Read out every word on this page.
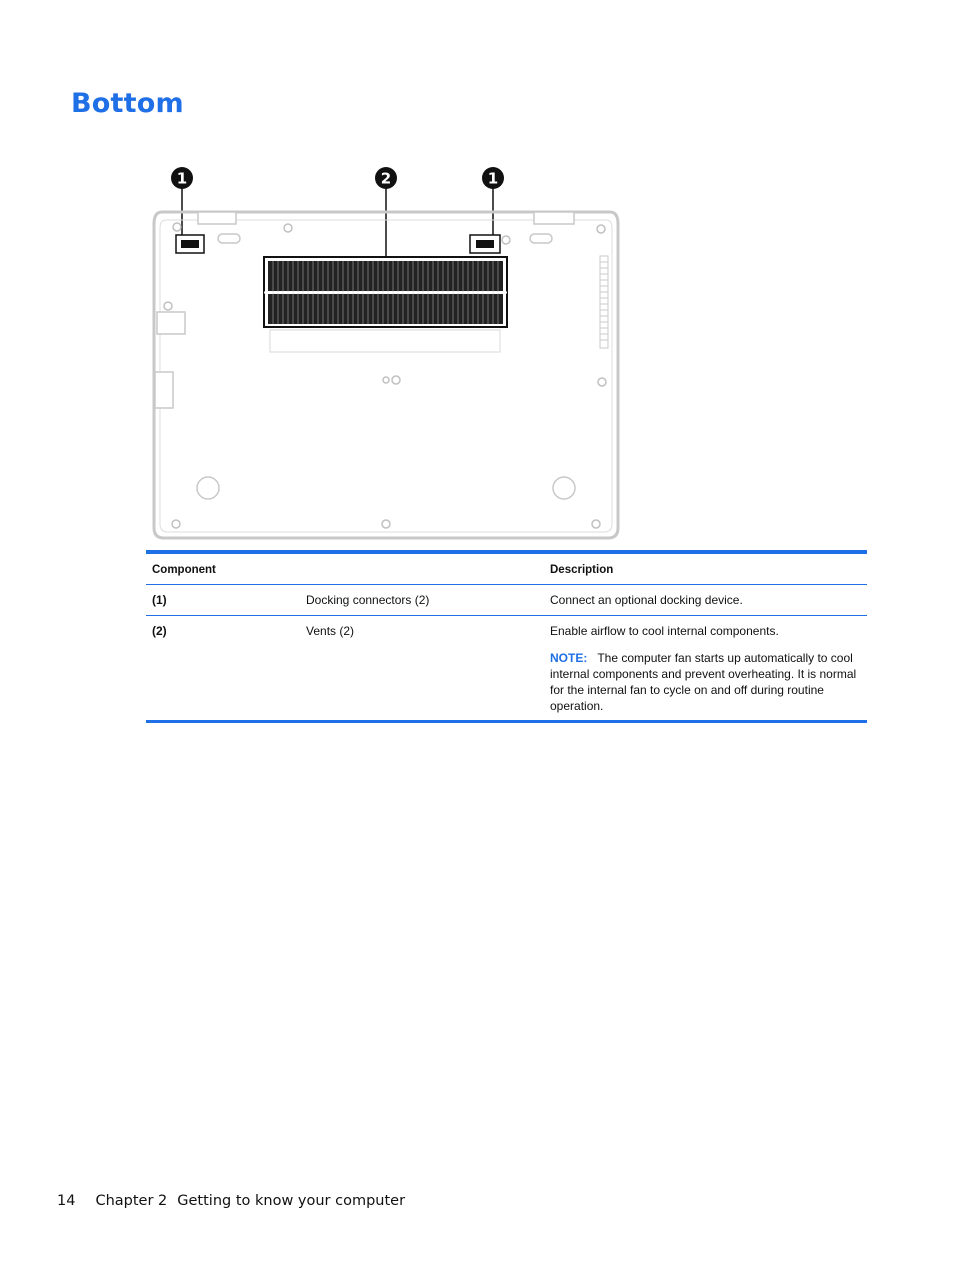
Bottom
1	2	1
Component		Description
(1)	Docking connectors (2)	Connect an optional docking device.
(2)	Vents (2)	Enable airflow to cool internal components.
NOTE: The computer fan starts up automatically to cool internal components and prevent overheating. It is normal for the internal fan to cycle on and off during routine operation.
14 Chapter 2 Getting to know your computer
